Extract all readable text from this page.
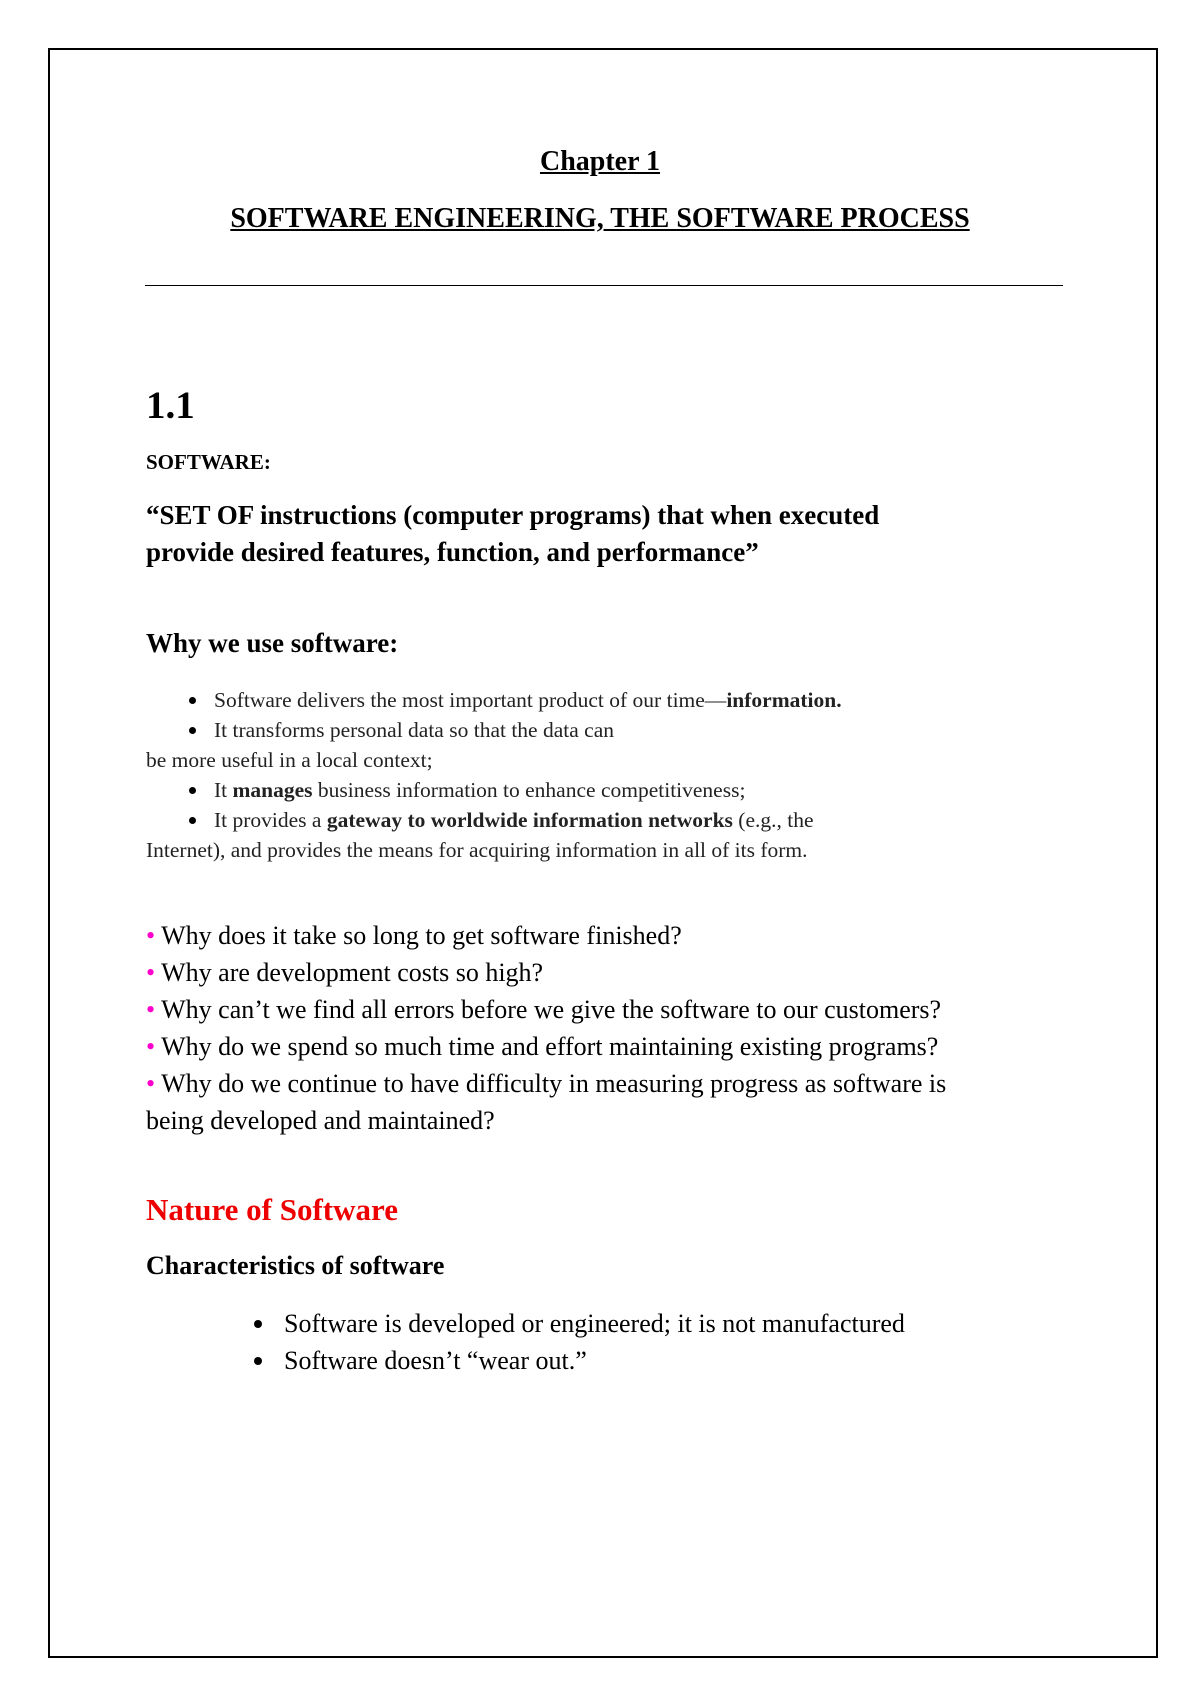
Chapter 1
SOFTWARE ENGINEERING, THE SOFTWARE PROCESS
1.1
SOFTWARE:
“SET OF instructions (computer programs) that when executed
provide desired features, function, and performance”
Why we use software:
Software delivers the most important product of our time—information.
It transforms personal data so that the data can
be more useful in a local context;
It manages business information to enhance competitiveness;
It provides a gateway to worldwide information networks (e.g., the
Internet), and provides the means for acquiring information in all of its form.
• Why does it take so long to get software finished?
• Why are development costs so high?
• Why can’t we find all errors before we give the software to our customers?
• Why do we spend so much time and effort maintaining existing programs?
• Why do we continue to have difficulty in measuring progress as software is
being developed and maintained?
Nature of Software
Characteristics of software
Software is developed or engineered; it is not manufactured
Software doesn’t “wear out.”
